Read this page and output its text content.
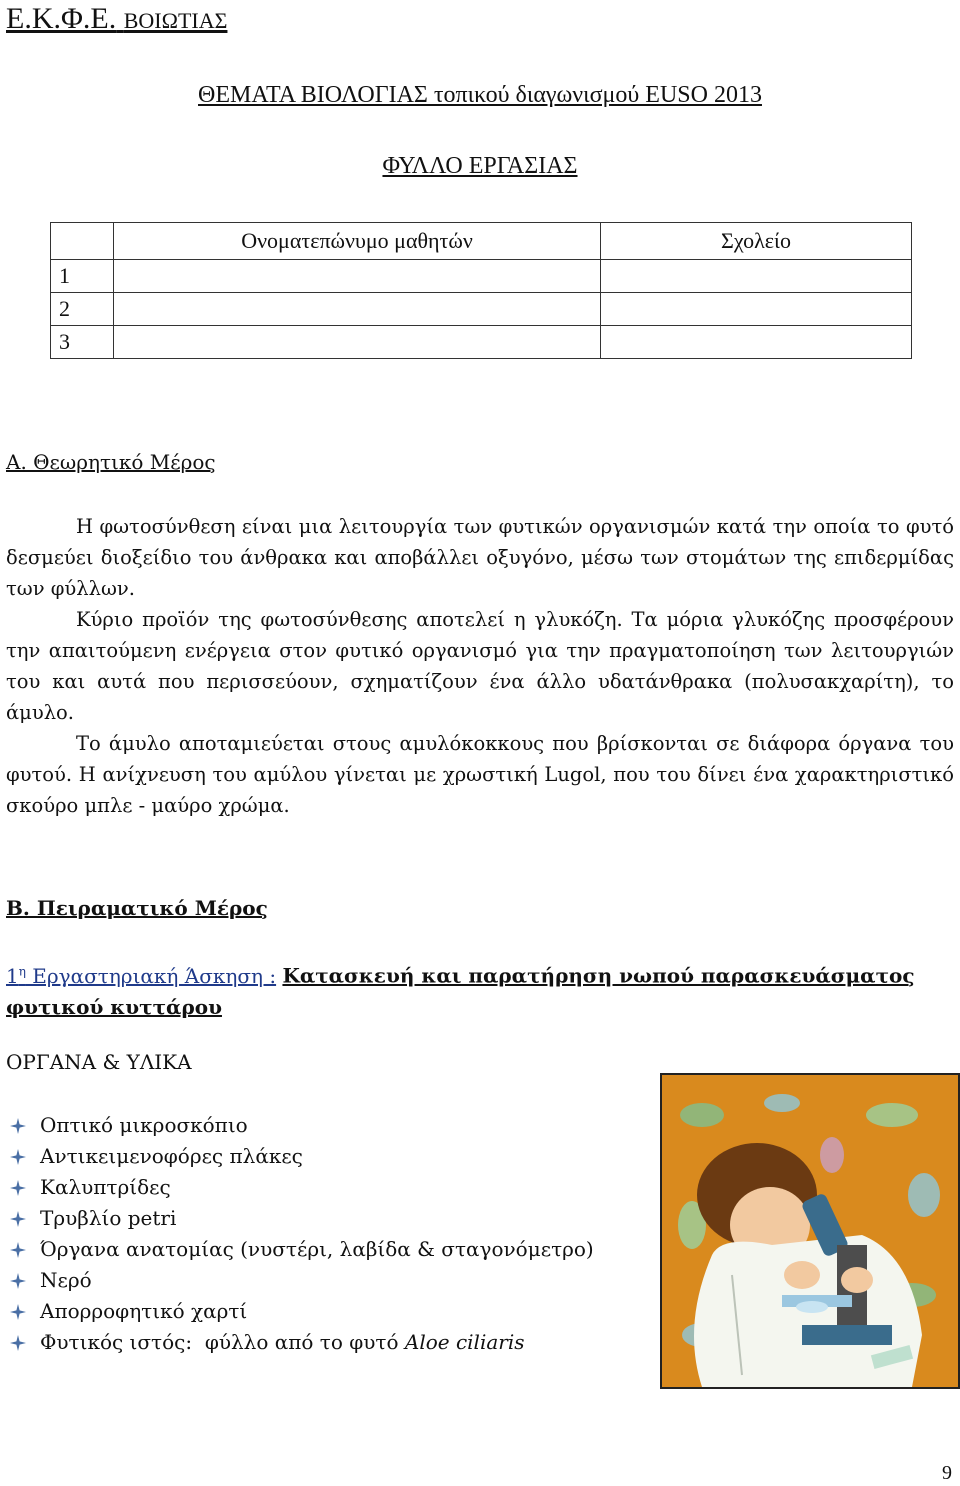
Ε.Κ.Φ.Ε. ΒΟΙΩΤΙΑΣ
ΘΕΜΑΤΑ ΒΙΟΛΟΓΙΑΣ τοπικού διαγωνισμού EUSO 2013
ΦΥΛΛΟ ΕΡΓΑΣΙΑΣ
	Ονοματεπώνυμο μαθητών	Σχολείο
1		
2		
3		
Α. Θεωρητικό Μέρος

Η φωτοσύνθεση είναι μια λειτουργία των φυτικών οργανισμών κατά την οποία το φυτό δεσμεύει διοξείδιο του άνθρακα και αποβάλλει οξυγόνο, μέσω των στομάτων της επιδερμίδας των φύλλων.

Κύριο προϊόν της φωτοσύνθεσης αποτελεί η γλυκόζη. Τα μόρια γλυκόζης προσφέρουν την απαιτούμενη ενέργεια στον φυτικό οργανισμό για την πραγματοποίηση των λειτουργιών του και αυτά που περισσεύουν, σχηματίζουν ένα άλλο υδατάνθρακα (πολυσακχαρίτη), το άμυλο.

Το άμυλο αποταμιεύεται στους αμυλόκοκκους που βρίσκονται σε διάφορα όργανα του φυτού. Η ανίχνευση του αμύλου γίνεται με χρωστική Lugol, που του δίνει ένα χαρακτηριστικό σκούρο μπλε - μαύρο χρώμα.

Β. Πειραματικό Μέρος
$1^\eta$ Εργαστηριακή Άσκηση : Κατασκευή και παρατήρηση νωπού παρασκευάσματος φυτικού κυττάρου
ΟΡΓΑΝΑ & ΥΛΙΚΑ
Οπτικό μικροσκόπιο
Αντικειμενοφόρες πλάκες
Καλυπτρίδες
Τρυβλίο petri
Όργανα ανατομίας (νυστέρι, λαβίδα & σταγονόμετρο)
Νερό
Απορροφητικό χαρτί
Φυτικός ιστός:  φύλλο από το φυτό Aloe ciliaris
9
